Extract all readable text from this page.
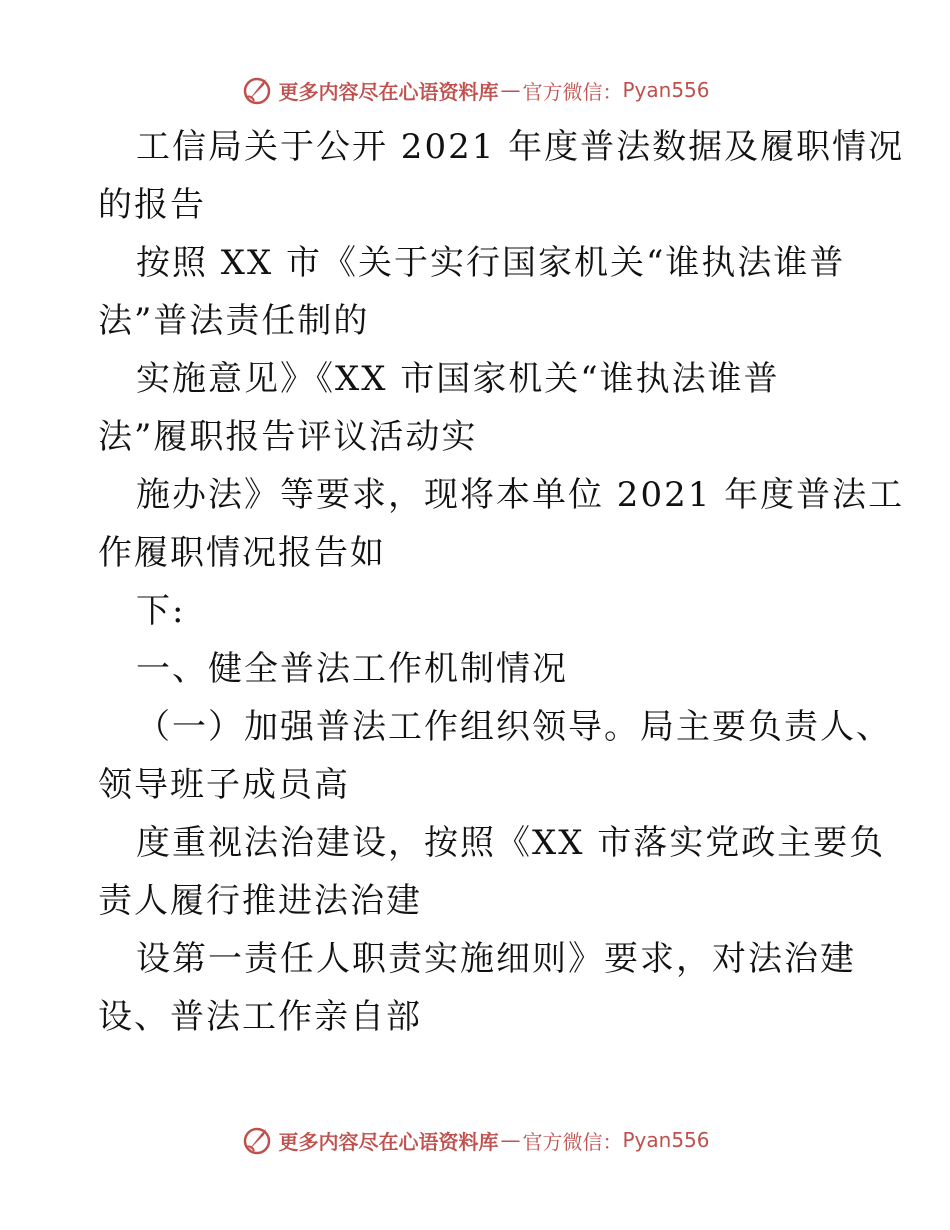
更多内容尽在心语资料库 — 官方微信： Pyan556
工信局关于公开 2021 年度普法数据及履职情况
的报告
按照 XX 市《关于实行国家机关“谁执法谁普
法”普法责任制的
实施意见》《XX 市国家机关“谁执法谁普
法”履职报告评议活动实
施办法》等要求，现将本单位 2021 年度普法工
作履职情况报告如
下:
一、健全普法工作机制情况
（一）加强普法工作组织领导。局主要负责人、
领导班子成员高
度重视法治建设，按照《XX 市落实党政主要负
责人履行推进法治建
设第一责任人职责实施细则》要求，对法治建
设、普法工作亲自部
更多内容尽在心语资料库 — 官方微信： Pyan556
